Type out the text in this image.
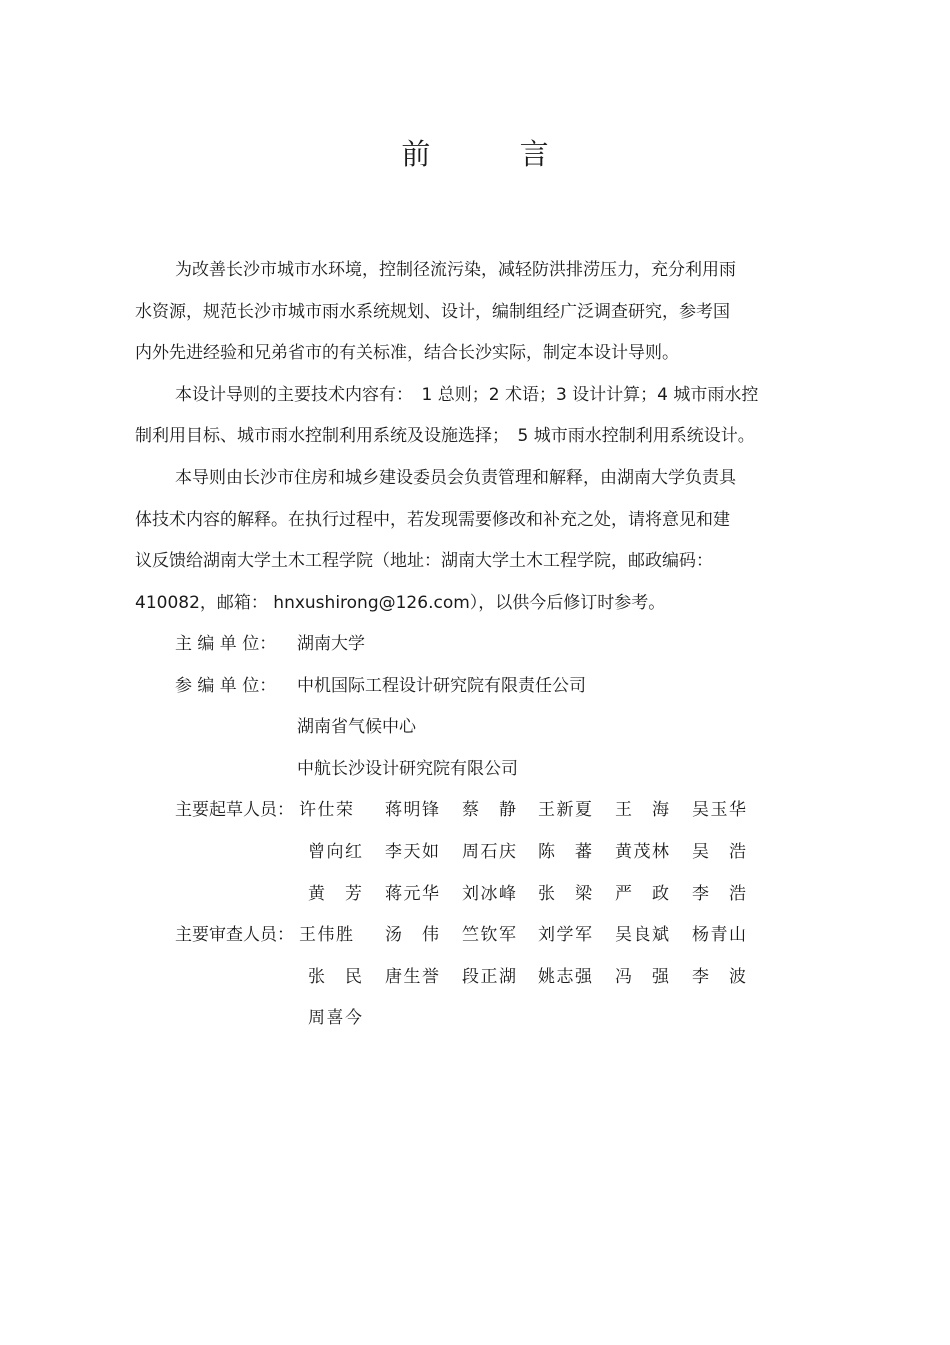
前 言
为改善长沙市城市水环境，控制径流污染，减轻防洪排涝压力，充分利用雨
水资源，规范长沙市城市雨水系统规划、设计，编制组经广泛调查研究，参考国
内外先进经验和兄弟省市的有关标准，结合长沙实际，制定本设计导则。
本设计导则的主要技术内容有：　1 总则；2 术语；3 设计计算；4 城市雨水控
制利用目标、城市雨水控制利用系统及设施选择；　5 城市雨水控制利用系统设计。
本导则由长沙市住房和城乡建设委员会负责管理和解释，由湖南大学负责具
体技术内容的解释。在执行过程中，若发现需要修改和补充之处，请将意见和建
议反馈给湖南大学土木工程学院（地址：湖南大学土木工程学院，邮政编码：
410082，邮箱： hnxushirong@126.com），以供今后修订时参考。
主 编 单 位： 湖南大学
参 编 单 位： 中机国际工程设计研究院有限责任公司
湖南省气候中心
中航长沙设计研究院有限公司
主要起草人员： 许仕荣 蒋明锋 蔡静 王新夏 王海 吴玉华
曾向红 李天如 周石庆 陈蕃 黄茂林 吴浩
黄芳 蒋元华 刘冰峰 张梁 严政 李浩
主要审查人员： 王伟胜 汤伟 竺钦军 刘学军 吴良斌 杨青山
张民 唐生誉 段正湖 姚志强 冯强 李波
周喜今
